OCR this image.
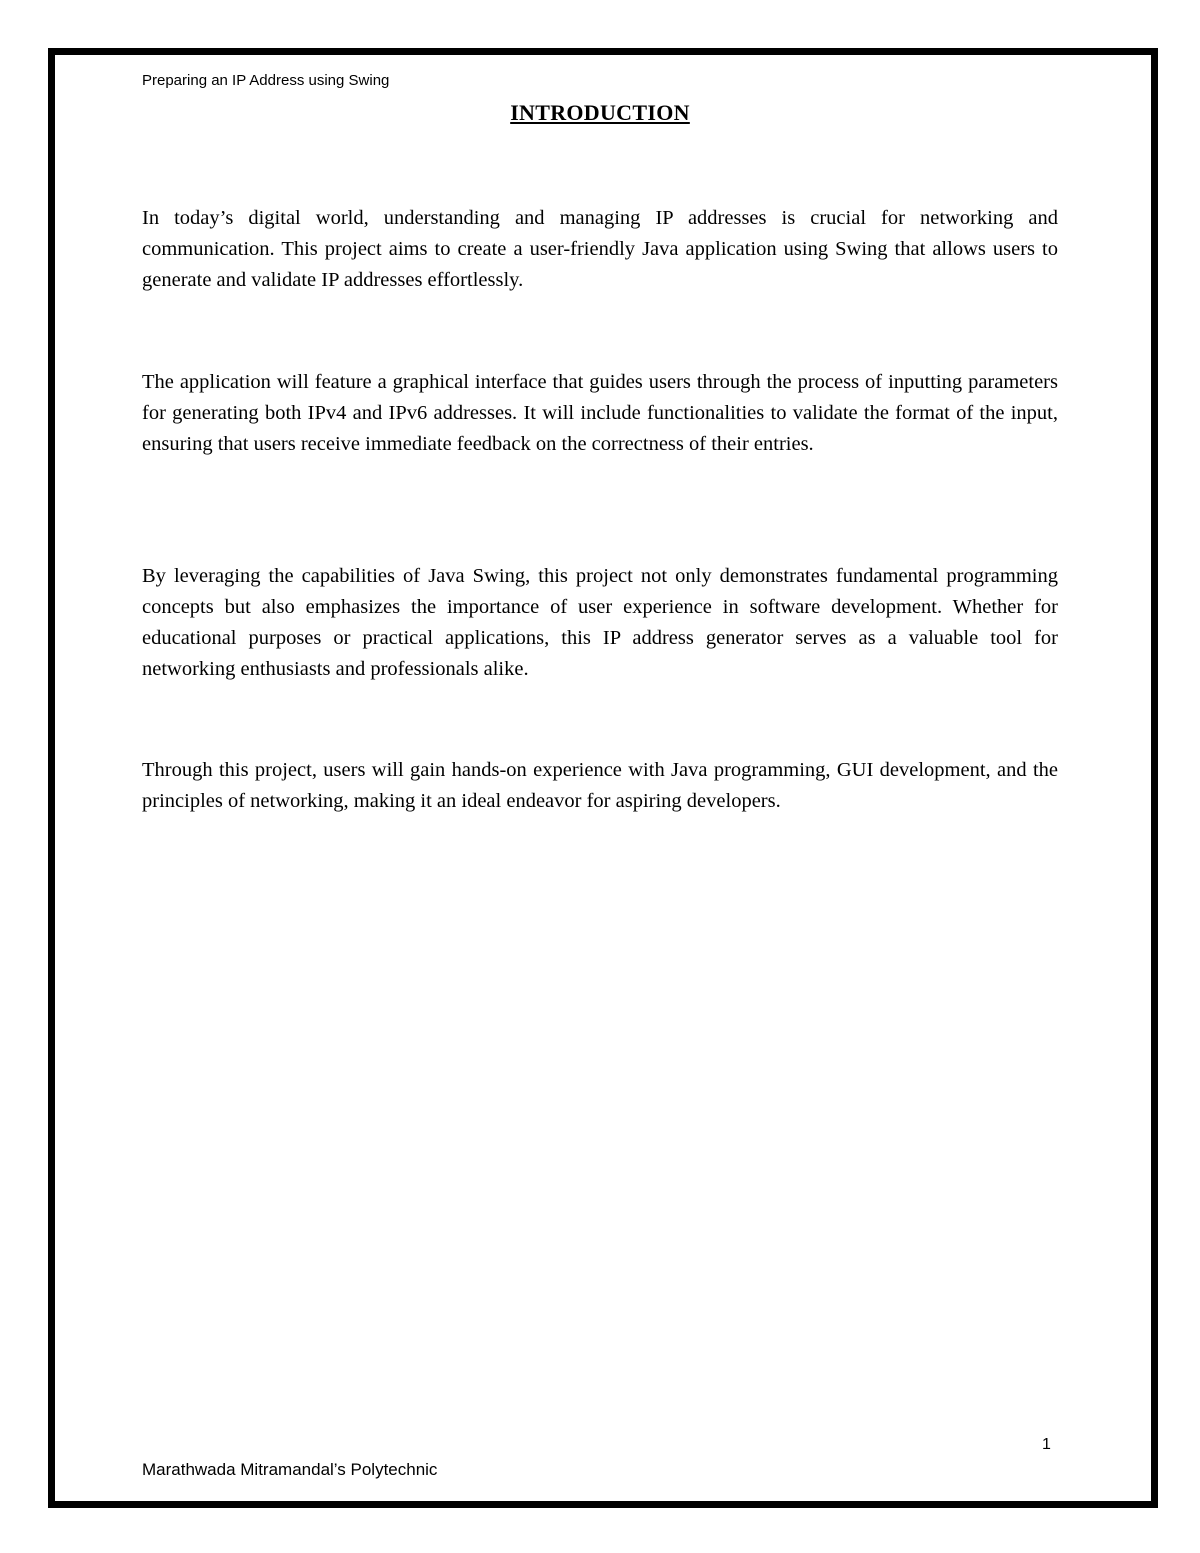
Preparing an IP Address using Swing
INTRODUCTION

In today’s digital world, understanding and managing IP addresses is crucial for networking and communication. This project aims to create a user-friendly Java application using Swing that allows users to generate and validate IP addresses effortlessly.

The application will feature a graphical interface that guides users through the process of inputting parameters for generating both IPv4 and IPv6 addresses. It will include functionalities to validate the format of the input, ensuring that users receive immediate feedback on the correctness of their entries.

By leveraging the capabilities of Java Swing, this project not only demonstrates fundamental programming concepts but also emphasizes the importance of user experience in software development. Whether for educational purposes or practical applications, this IP address generator serves as a valuable tool for networking enthusiasts and professionals alike.

Through this project, users will gain hands-on experience with Java programming, GUI development, and the principles of networking, making it an ideal endeavor for aspiring developers.

1
Marathwada Mitramandal’s Polytechnic
